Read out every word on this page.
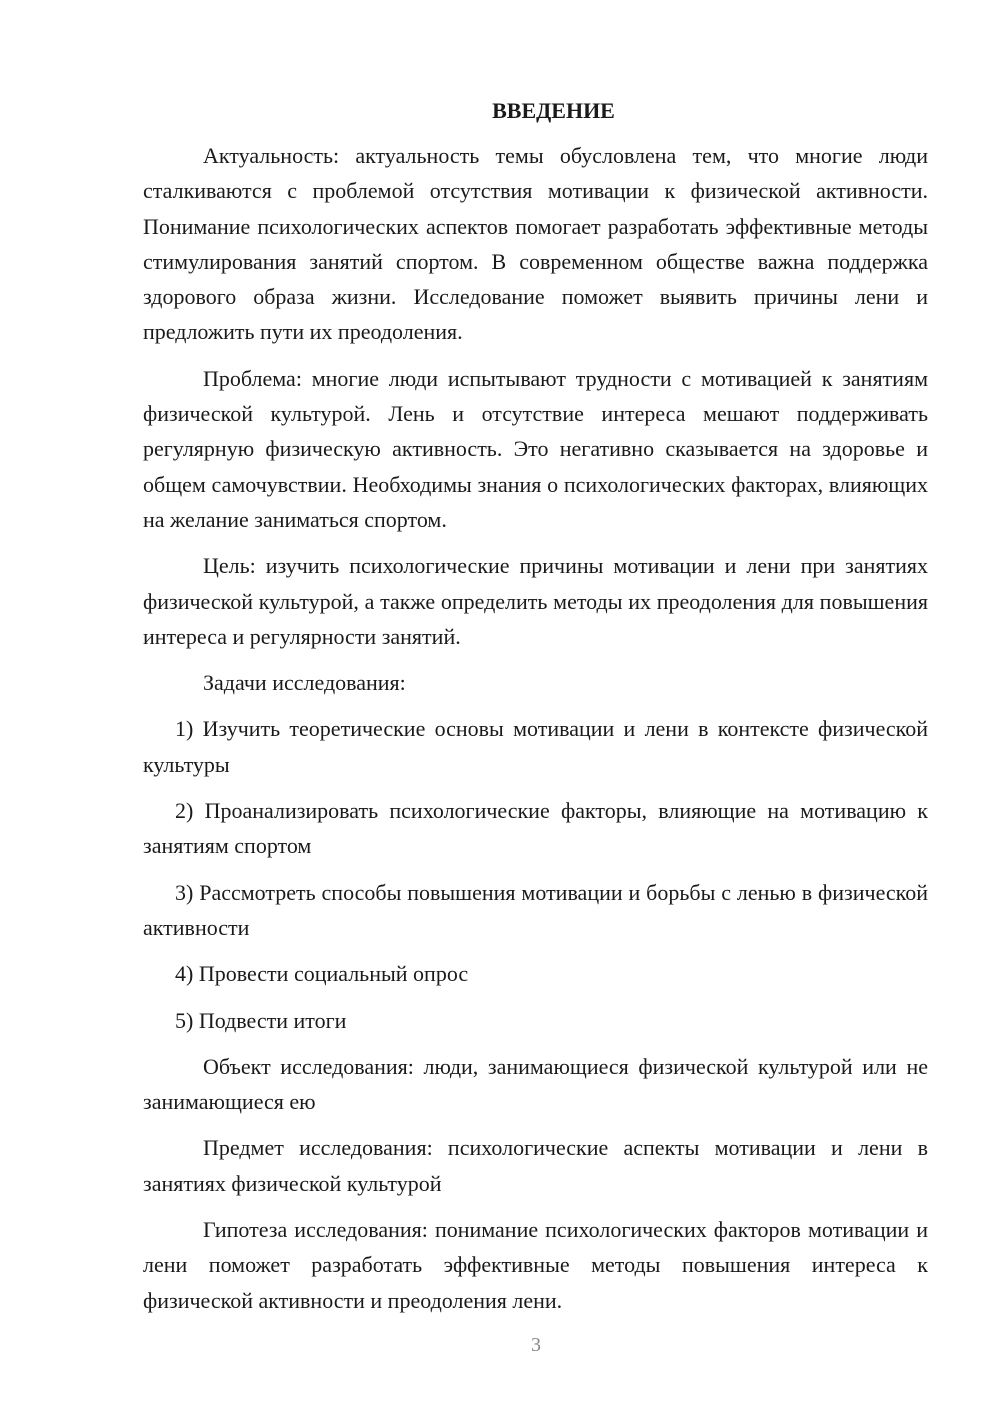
ВВЕДЕНИЕ

Актуальность: актуальность темы обусловлена тем, что многие люди сталкиваются с проблемой отсутствия мотивации к физической активности. Понимание психологических аспектов помогает разработать эффективные методы стимулирования занятий спортом. В современном обществе важна поддержка здорового образа жизни. Исследование поможет выявить причины лени и предложить пути их преодоления.

Проблема: многие люди испытывают трудности с мотивацией к занятиям физической культурой. Лень и отсутствие интереса мешают поддерживать регулярную физическую активность. Это негативно сказывается на здоровье и общем самочувствии. Необходимы знания о психологических факторах, влияющих на желание заниматься спортом.

Цель: изучить психологические причины мотивации и лени при занятиях физической культурой, а также определить методы их преодоления для повышения интереса и регулярности занятий.

Задачи исследования:

1) Изучить теоретические основы мотивации и лени в контексте физической культуры

2) Проанализировать психологические факторы, влияющие на мотивацию к занятиям спортом

3) Рассмотреть способы повышения мотивации и борьбы с ленью в физической активности

4) Провести социальный опрос

5) Подвести итоги

Объект исследования: люди, занимающиеся физической культурой или не занимающиеся ею

Предмет исследования: психологические аспекты мотивации и лени в занятиях физической культурой

Гипотеза исследования: понимание психологических факторов мотивации и лени поможет разработать эффективные методы повышения интереса к физической активности и преодоления лени.

3
